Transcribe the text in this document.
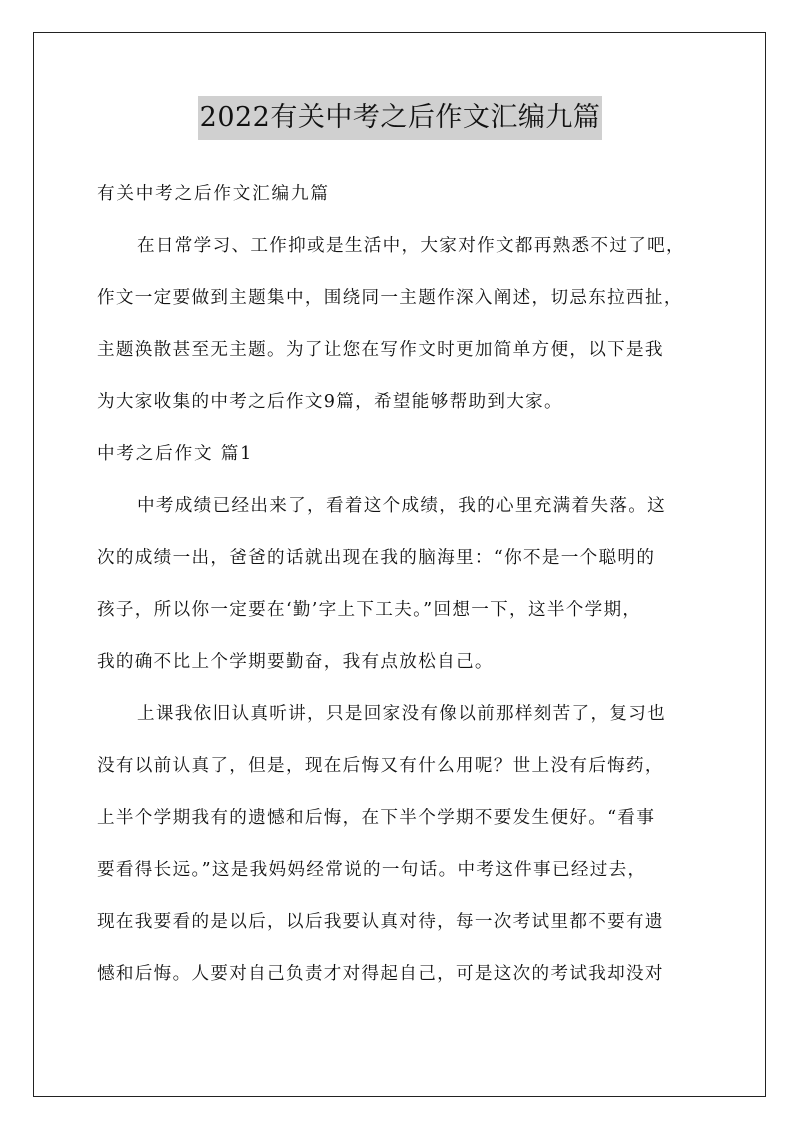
2022有关中考之后作文汇编九篇
有关中考之后作文汇编九篇
在日常学习、工作抑或是生活中，大家对作文都再熟悉不过了吧，
作文一定要做到主题集中，围绕同一主题作深入阐述，切忌东拉西扯，
主题涣散甚至无主题。为了让您在写作文时更加简单方便，以下是我
为大家收集的中考之后作文9篇，希望能够帮助到大家。
中考之后作文 篇1
中考成绩已经出来了，看着这个成绩，我的心里充满着失落。这
次的成绩一出，爸爸的话就出现在我的脑海里：“你不是一个聪明的
孩子，所以你一定要在‘勤’字上下工夫。”回想一下，这半个学期，
我的确不比上个学期要勤奋，我有点放松自己。
上课我依旧认真听讲，只是回家没有像以前那样刻苦了，复习也
没有以前认真了，但是，现在后悔又有什么用呢？世上没有后悔药，
上半个学期我有的遗憾和后悔，在下半个学期不要发生便好。“看事
要看得长远。”这是我妈妈经常说的一句话。中考这件事已经过去，
现在我要看的是以后，以后我要认真对待，每一次考试里都不要有遗
憾和后悔。人要对自己负责才对得起自己，可是这次的考试我却没对
